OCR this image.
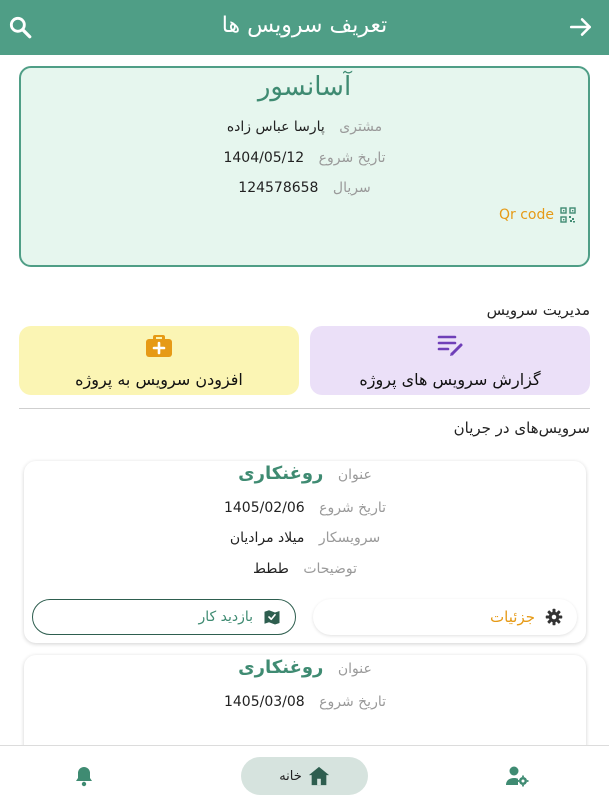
تعریف سرویس ها
آسانسور
مشتری پارسا عباس زاده
تاریخ شروع 1404/05/12
سریال 124578658
Qr code
مدیریت سرویس
گزارش سرویس های پروژه
افزودن سرویس به پروژه
سرویس‌های در جریان
عنوان روغنکاری
تاریخ شروع 1405/02/06
سرویسکار میلاد مرادیان
توضیحات ططط
جزئیات
بازدید کار
عنوان روغنکاری
تاریخ شروع 1405/03/08
خانه
